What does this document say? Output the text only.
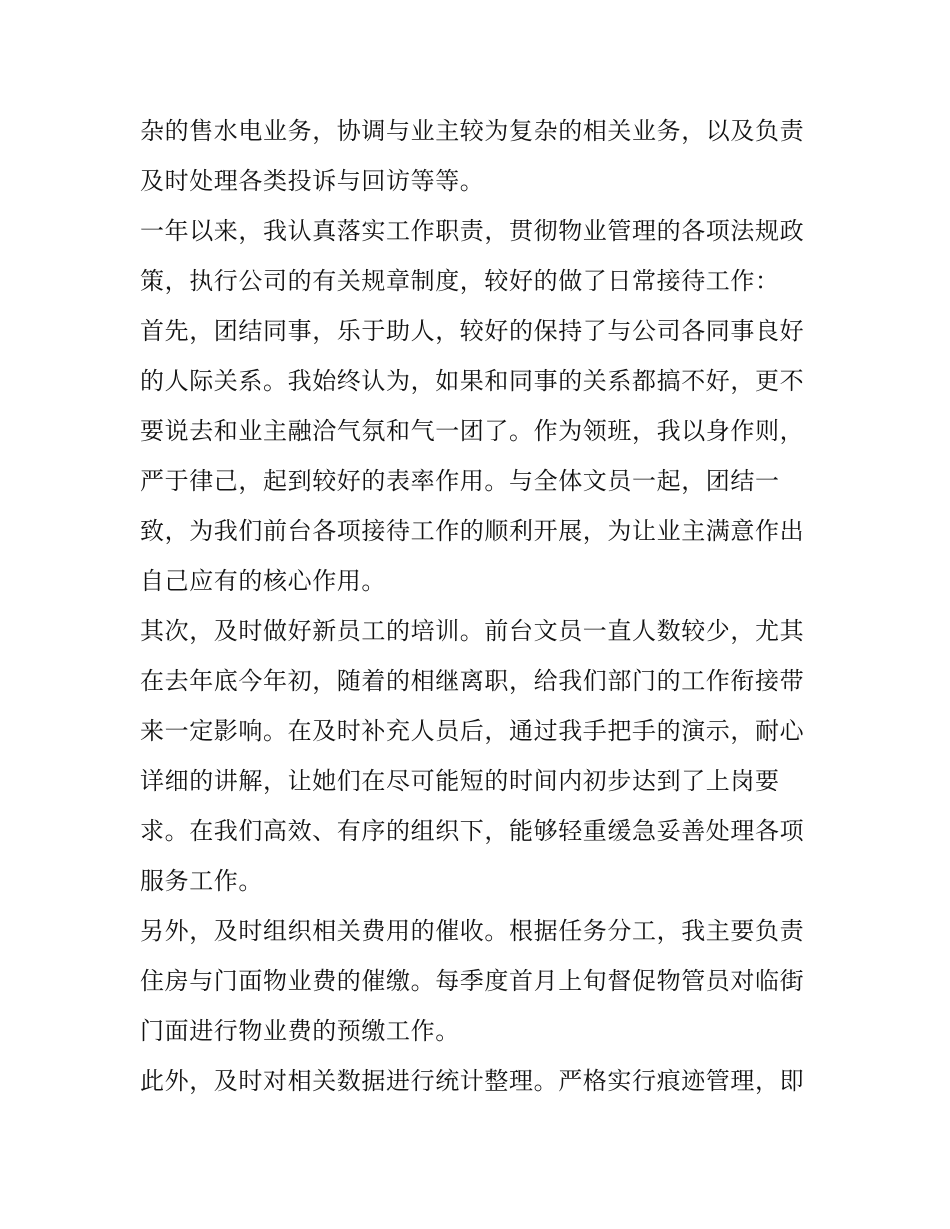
杂的售水电业务，协调与业主较为复杂的相关业务，以及负责
及时处理各类投诉与回访等等。
一年以来，我认真落实工作职责，贯彻物业管理的各项法规政
策，执行公司的有关规章制度，较好的做了日常接待工作：
首先，团结同事，乐于助人，较好的保持了与公司各同事良好
的人际关系。我始终认为，如果和同事的关系都搞不好，更不
要说去和业主融洽气氛和气一团了。作为领班，我以身作则，
严于律己，起到较好的表率作用。与全体文员一起，团结一
致，为我们前台各项接待工作的顺利开展，为让业主满意作出
自己应有的核心作用。
其次，及时做好新员工的培训。前台文员一直人数较少，尤其
在去年底今年初，随着的相继离职，给我们部门的工作衔接带
来一定影响。在及时补充人员后，通过我手把手的演示，耐心
详细的讲解，让她们在尽可能短的时间内初步达到了上岗要
求。在我们高效、有序的组织下，能够轻重缓急妥善处理各项
服务工作。
另外，及时组织相关费用的催收。根据任务分工，我主要负责
住房与门面物业费的催缴。每季度首月上旬督促物管员对临街
门面进行物业费的预缴工作。
此外，及时对相关数据进行统计整理。严格实行痕迹管理，即
